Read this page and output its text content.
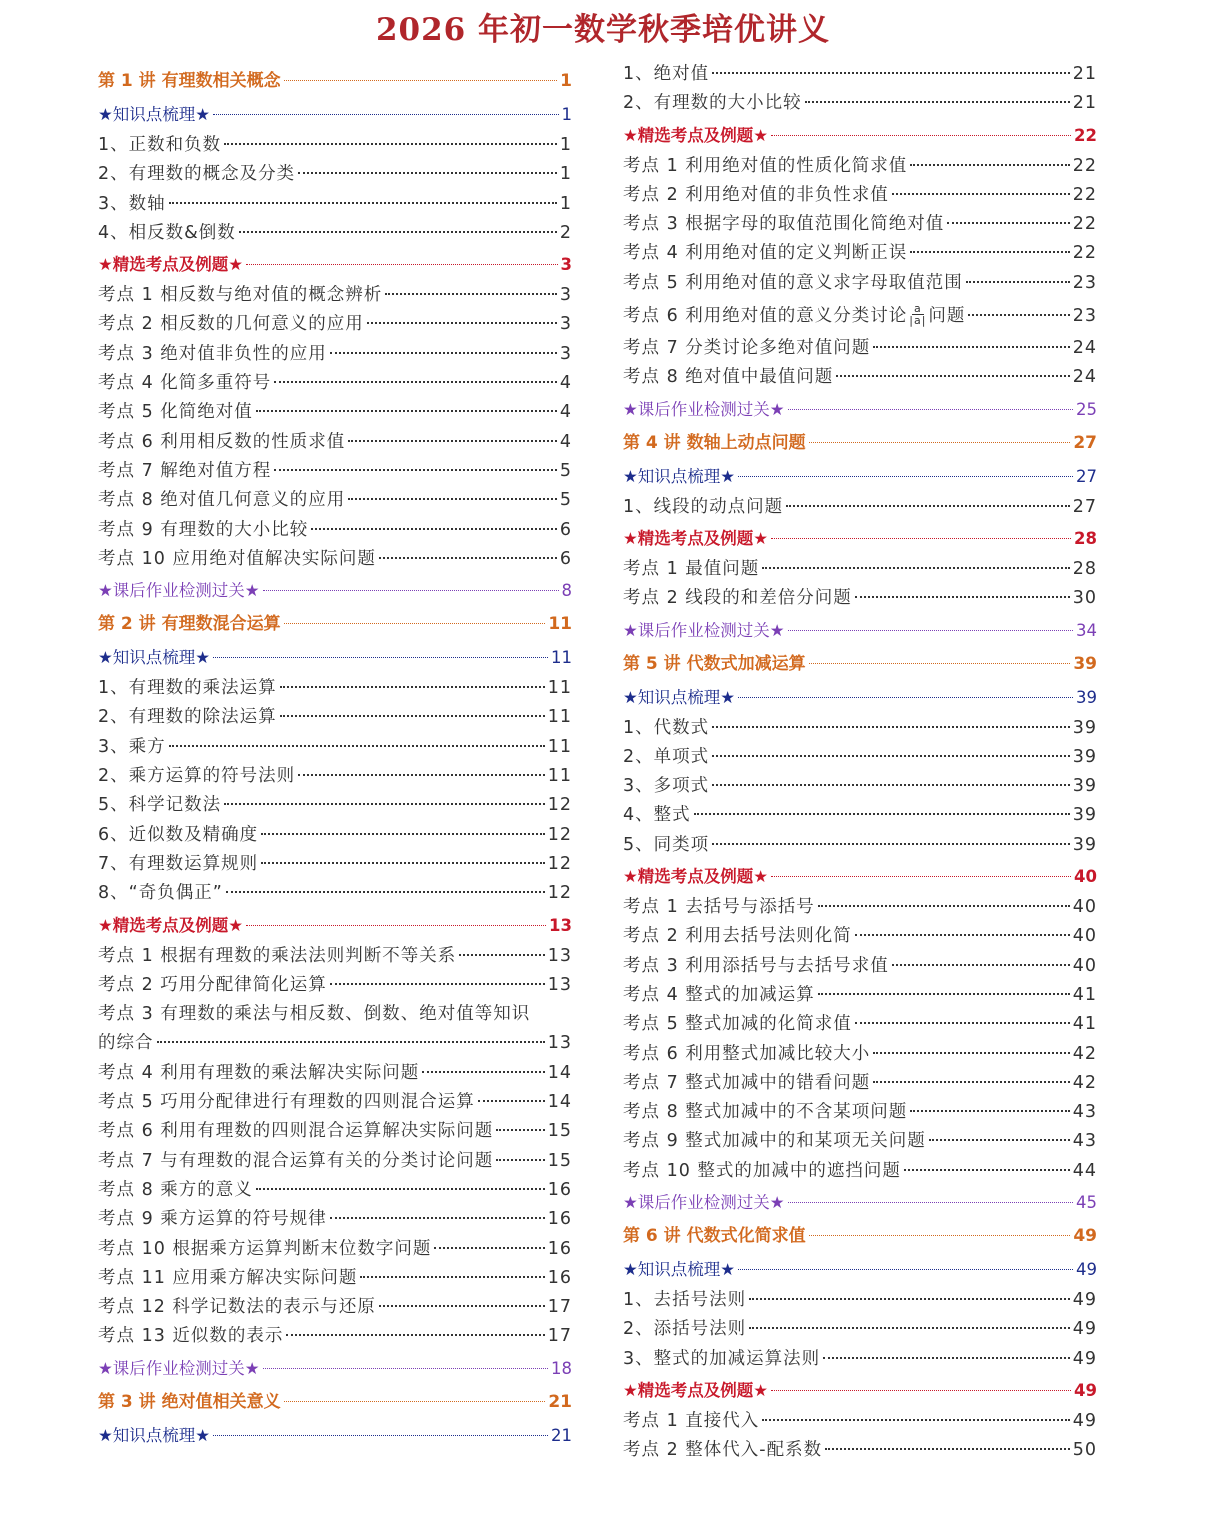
2026 年初一数学秋季培优讲义
第 1 讲 有理数相关概念	1
★知识点梳理★	1
1、正数和负数	1
2、有理数的概念及分类	1
3、数轴	1
4、相反数&倒数	2
★精选考点及例题★	3
考点 1 相反数与绝对值的概念辨析	3
考点 2 相反数的几何意义的应用	3
考点 3 绝对值非负性的应用	3
考点 4 化简多重符号	4
考点 5 化简绝对值	4
考点 6 利用相反数的性质求值	4
考点 7 解绝对值方程	5
考点 8 绝对值几何意义的应用	5
考点 9 有理数的大小比较	6
考点 10 应用绝对值解决实际问题	6
★课后作业检测过关★	8
第 2 讲 有理数混合运算	11
★知识点梳理★	11
1、有理数的乘法运算	11
2、有理数的除法运算	11
3、乘方	11
2、乘方运算的符号法则	11
5、科学记数法	12
6、近似数及精确度	12
7、有理数运算规则	12
8、“奇负偶正”	12
★精选考点及例题★	13
考点 1 根据有理数的乘法法则判断不等关系	13
考点 2 巧用分配律简化运算	13
考点 3 有理数的乘法与相反数、倒数、绝对值等知识
的综合	13
考点 4 利用有理数的乘法解决实际问题	14
考点 5 巧用分配律进行有理数的四则混合运算	14
考点 6 利用有理数的四则混合运算解决实际问题	15
考点 7 与有理数的混合运算有关的分类讨论问题	15
考点 8 乘方的意义	16
考点 9 乘方运算的符号规律	16
考点 10 根据乘方运算判断末位数字问题	16
考点 11 应用乘方解决实际问题	16
考点 12 科学记数法的表示与还原	17
考点 13 近似数的表示	17
★课后作业检测过关★	18
第 3 讲 绝对值相关意义	21
★知识点梳理★	21
1、绝对值	21
2、有理数的大小比较	21
★精选考点及例题★	22
考点 1 利用绝对值的性质化简求值	22
考点 2 利用绝对值的非负性求值	22
考点 3 根据字母的取值范围化简绝对值	22
考点 4 利用绝对值的定义判断正误	22
考点 5 利用绝对值的意义求字母取值范围	23
考点 6 利用绝对值的意义分类讨论 $\frac{a}{|a|}$ 问题	23
考点 7 分类讨论多绝对值问题	24
考点 8 绝对值中最值问题	24
★课后作业检测过关★	25
第 4 讲 数轴上动点问题	27
★知识点梳理★	27
1、线段的动点问题	27
★精选考点及例题★	28
考点 1 最值问题	28
考点 2 线段的和差倍分问题	30
★课后作业检测过关★	34
第 5 讲 代数式加减运算	39
★知识点梳理★	39
1、代数式	39
2、单项式	39
3、多项式	39
4、整式	39
5、同类项	39
★精选考点及例题★	40
考点 1 去括号与添括号	40
考点 2 利用去括号法则化简	40
考点 3 利用添括号与去括号求值	40
考点 4 整式的加减运算	41
考点 5 整式加减的化简求值	41
考点 6 利用整式加减比较大小	42
考点 7 整式加减中的错看问题	42
考点 8 整式加减中的不含某项问题	43
考点 9 整式加减中的和某项无关问题	43
考点 10 整式的加减中的遮挡问题	44
★课后作业检测过关★	45
第 6 讲 代数式化简求值	49
★知识点梳理★	49
1、去括号法则	49
2、添括号法则	49
3、整式的加减运算法则	49
★精选考点及例题★	49
考点 1 直接代入	49
考点 2 整体代入-配系数	50
